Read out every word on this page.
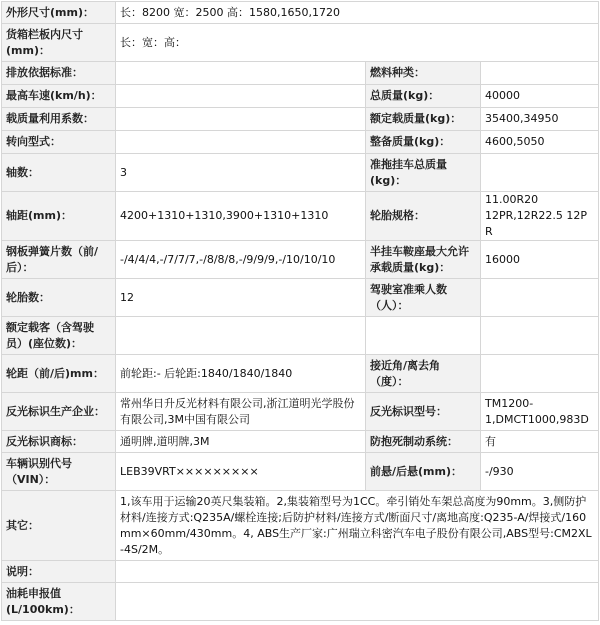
外形尺寸(mm)：	长：8200 宽：2500 高：1580,1650,1720		
货箱栏板内尺寸
(mm)：	长：宽：高：		
排放依据标准：		燃料种类：	
最高车速(km/h)：		总质量(kg)：	40000
载质量利用系数：		额定载质量(kg)：	35400,34950
转向型式：		整备质量(kg)：	4600,5050
轴数：	3	准拖挂车总质量
(kg)：	
轴距(mm)：	4200+1310+1310,3900+1310+1310	轮胎规格：	11.00R20
12PR,12R22.5 12PR
钢板弹簧片数（前/
后）：	-/4/4/4,-/7/7/7,-/8/8/8,-/9/9/9,-/10/10/10	半挂车鞍座最大允许
承载质量(kg)：	16000
轮胎数：	12	驾驶室准乘人数
（人）：	
额定载客（含驾驶
员）(座位数)：			
轮距（前/后)mm：	前轮距:- 后轮距:1840/1840/1840	接近角/离去角
（度）：	
反光标识生产企业：	常州华日升反光材料有限公司,浙江道明光学股份
有限公司,3M中国有限公司	反光标识型号：	TM1200-
1,DMCT1000,983D
反光标识商标：	通明牌,道明牌,3M	防抱死制动系统：	有
车辆识别代号
（VIN）：	LEB39VRT×××××××××	前悬/后悬(mm)：	-/930
其它：	1,该车用于运输20英尺集装箱。2,集装箱型号为1CC。牵引销处车架总高度为90mm。3,侧防护材料/连接方式:Q235A/螺栓连接;后防护材料/连接方式/断面尺寸/离地高度:Q235-A/焊接式/160mm×60mm/430mm。4, ABS生产厂家:广州瑞立科密汽车电子股份有限公司,ABS型号:CM2XL-4S/2M。		
说明：			
油耗申报值
(L/100km)：			
